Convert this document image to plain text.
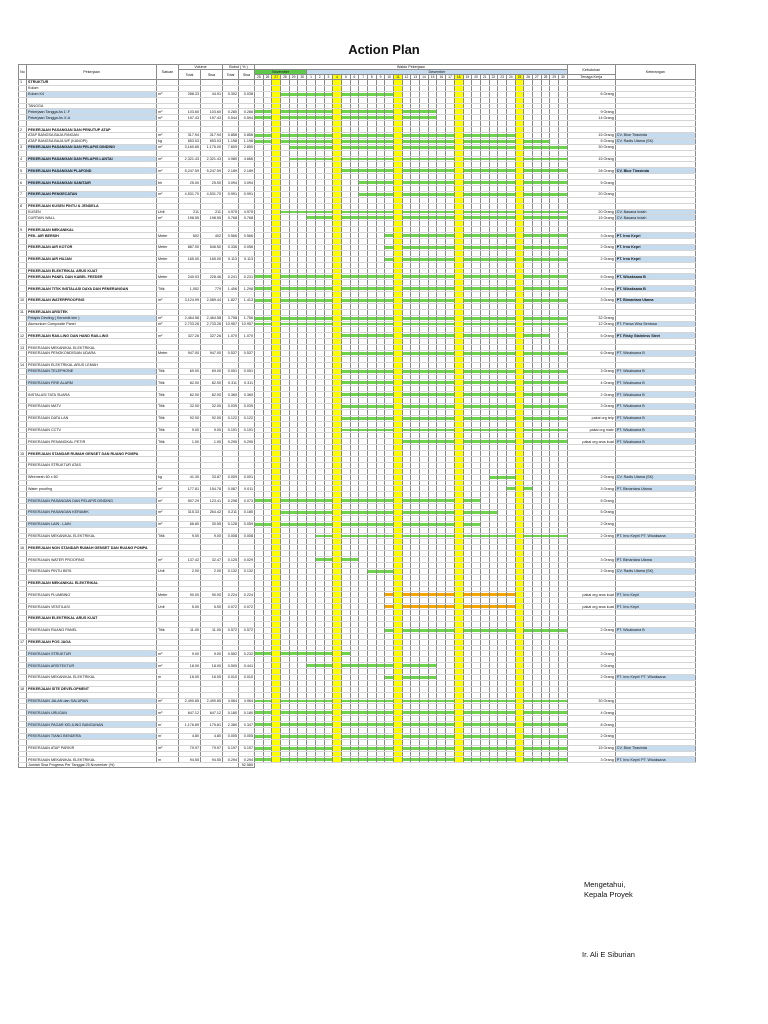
Action Plan
No	Pekerjaan	Satuan	Volume		Bobot ( % )		Waktu Pekerjaan																																				Kebutuhan	Keterangan
			Total	Sisa	Total	Sisa	November						Desember																															
							25	26	27	28	29	30	1	2	3	4	5	6	7	8	9	10	11	12	13	14	15	16	17	18	19	20	21	22	23	24	25	26	27	28	29	30	Tenaga Kerja	
1	STRUKTUR																																											
	Kolom																																											
	Kolom K4	m³	288.33	44.91	0.302	0.038																																					6 Orang	

	TANGGA																																											
	Pekerjaan Tangga As 1'-F	m³	103.60	103.60	0.280	0.286																																					9 Orang	
	Pekerjaan Tangga As 4'-A	m³	197.43	197.43	0.544	0.594																																					14 Orang	

2	PEKERJAAN PASANGAN DAN PENUTUP ATAP																																											
	ATAP BANGSA BAJA RINGAN	m²	317.94	317.94	0.856	0.856																																					15 Orang	CV. Blue Tirasinda
	ATAP BANGSA BAJA WF (KANOPI)	kg	653.03	653.03	1.198	1.198																																					5 Orang	CV. Radis Utama (SK)
3	PEKERJAAN PASANGAN DAN PELAPIS DINDING	m²	3,160.85	1,176.00	7.609	2.850																																					30 Orang	

4	PEKERJAAN PASANGAN DAN PELAPIS LANTAI	m²	2,321.43	2,321.43	4.980	4.666																																					15 Orang	

5	PEKERJAAN PASANGAN PLAFOND	m²	5,247.59	5,247.59	2.189	2.189																																					28 Orang	CV. Blue Tirasinda

6	PEKERJAAN PASANGAN SANITAIR	bh	25.00	25.00	3.094	3.094																																					5 Orang	

7	PEKERJAAN PENGECATAN	m²	4,531.70	4,531.70	0.991	0.991																																					20 Orang	

8	PEKERJAAN KUSEN PINTU & JENDELA																																											
	KUSEN	Unit	211	211	4.975	4.975																																					20 Orang	CV. Basana Indah
	CURTAIN WALL	m²	198.55	198.55	0.768	0.768																																					15 Orang	CV. Basana Indah

9	PEKERJAAN MEKANIKAL																																											
	PEK. AIR BERSIH	Meter	602	402	0.566	0.566																																					3 Orang	PT. Irno Kepri

	PEKERJAAN AIR KOTOR	Meter	887.00	546.50	0.336	0.056																																					2 Orang	PT. Irno Kepri

	PEKERJAAN AIR HUJAN	Meter	165.00	165.00	0.113	0.113																																					2 Orang	PT. Irno Kepri

	PEKERJAAN ELEKTRIKAL ARUS KUAT																																											
	PEKERJAAN PANEL DAN KABEL FEEDER	Meter	240.03	228.46	0.241	0.231																																					5 Orang	PT. Wicaksana B

	PEKERJAAN TITIK INSTALASI DAYA DAN PENERANGAN	Titik	1,052	779	1.406	1.298																																					4 Orang	PT. Wicaksana B

10	PEKERJAAN WATERPROOFING	m²	3,124.99	2,089.44	1.827	1.413																																					3 Orang	PT. Bimantara Utama

11	PEKERJAAN ARSITEK																																											
	Pelapis Dinding ( Keramik kim )	m²	2,464.58	2,464.58	3.758	1.756																																					32 Orang	
	Alumunium Composite Panel	m²	2,733.26	2,733.26	10.957	10.957																																					12 Orang	PT. Panca Wira Sentosa

12	PEKERJAAN RAILLING DAN HAND RAILLING	m²	327.26	327.26	1.070	1.070																																					5 Orang	PT. Risky Stainless Steel

13	PEKERJAAN MEKANIKAL ELEKTRIKAL																																											
	PEKERJAAN PENGKONDISIAN UDARA	Meter	947.00	947.00	0.537	0.537																																					6 Orang	PT. Wicaksana B

14	PEKERJAAN ELEKTRIKAL ARUS LEMAH																																											
	PEKERJAAN TELEPHONE	Titik	69.00	69.00	0.051	0.051																																					3 Orang	PT. Wicaksana B

	PEKERJAAN FIRE ALARM	Titik	82.00	82.00	0.311	0.311																																					4 Orang	PT. Wicaksana B

	INSTALASI TATA SUARA	Titik	82.00	82.00	0.360	0.360																																					2 Orang	PT. Wicaksana B

	PEKERJAAN MATV	Titik	32.00	32.00	0.039	0.039																																					3 Orang	PT. Wicaksana B

	PEKERJAAN DATA LAN	Titik	92.00	92.00	0.122	0.122																																					pakai org telp	PT. Wicaksana B

	PEKERJAAN CCTV	Titik	9.00	9.00	0.191	0.191																																					pakai org matv	PT. Wicaksana B

	PEKERJAAN PENANGKAL PETIR	Titik	1.00	1.00	0.290	0.290																																					pakai org arus kuat	PT. Wicaksana B

15	PEKERJAAN STANDAR RUMAH GENSET DAN RUANG POMPA																																											

	PEKERJAAN STRUKTUR ATAS																																											

	Wiremesh 60 x 60	kg	41.30	33.87	0.009	0.001																																					2 Orang	CV. Radis Utama (SK)

	Water proofing	m²	177.81	154.78	0.087	0.011																																					3 Orang	PT. Bimantara Utama

	PEKERJAAN PASANGAN DAN PELAPIS DINDING	m²	507.29	123.41	0.298	0.073																																					5 Orang	

	PEKERJAAN PASANGAN KERAMIK	m²	315.33	264.42	0.211	0.180																																					5 Orang	

	PEKERJAAN LAIN - LAIN	m²	66.80	30.55	0.128	0.059																																					2 Orang	

	PEKERJAAN MEKANIKAL ELEKTRIKAL	Titik	9.00	9.00	0.008	0.008																																					2 Orang	PT. Irno Kepri/ PT. Wicaksana

16	PEKERJAAN NON STANDAR RUMAH GENSET DAN RUANG POMPA																																											

	PEKERJAAN WATER PROOFING	m²	137.42	32.47	0.125	0.029																																					3 Orang	PT. Bimantara Utama

	PEKERJAAN PINTU BESI	Unit	2.00	2.00	0.132	0.132																																					2 Orang	CV. Radis Utama (SK)

	PEKERJAAN MEKANIKAL ELEKTRIKAL																																											

	PEKERJAAN PLUMBING	Meter	90.00	90.00	0.224	0.224																																					pakai org arus kuat	PT. Irno Kepri

	PEKERJAAN VENTILASI	Unit	5.00	5.00	0.072	0.072																																					pakai org arus kuat	PT. Irno Kepri

	PEKERJAAN ELEKTRIKAL ARUS KUAT																																											

	PEKERJAAN RUANG PANEL	Titik	11.00	11.00	0.572	0.572																																					2 Orang	PT. Wicaksana B

17	PEKERJAAN POS JAGA																																											

	PEKERJAAN STRUKTUR	m³	9.00	9.00	0.552	0.232																																					3 Orang	

	PEKERJAAN ARSITEKTUR	m²	18.00	18.00	0.500	0.441																																					3 Orang	

	PEKERJAAN MEKANIKAL ELEKTRIKAL	m	16.00	16.00	0.010	0.010																																					2 Orang	PT. Irno Kepri/ PT. Wicaksana

18	PEKERJAAN SITE DEVELOPMENT																																											

	PEKERJAAN JALAN dan SALURAN	m²	2,490.85	2,490.85	4.964	4.964																																					30 Orang	

	PEKERJAAN URUGAN	m³	647.12	647.12	0.180	0.180																																					4 Orang	

	PEKERJAAN PAGAR KELILING BANGUNAN	m'	1,176.89	175.81	2.380	0.347																																					8 Orang	

	PEKERJAAN TIANG BENDERA	m'	4.80	4.80	0.005	0.005																																					2 Orang	

	PEKERJAAN ATAP PARKIR	m²	79.97	79.97	0.197	0.197																																					15 Orang	CV. Blue Tirasinda

	PEKERJAAN MEKANIKAL ELEKTRIKAL	m	94.55	94.55	0.294	0.294																																					3 Orang	PT. Irno Kepri/ PT. Wicaksana
	Jumlah Sisa Progress Per Tanggal 25 November (%)					92.580																																						
Mengetahui,
Kepala Proyek
Ir. Ali E Siburian
